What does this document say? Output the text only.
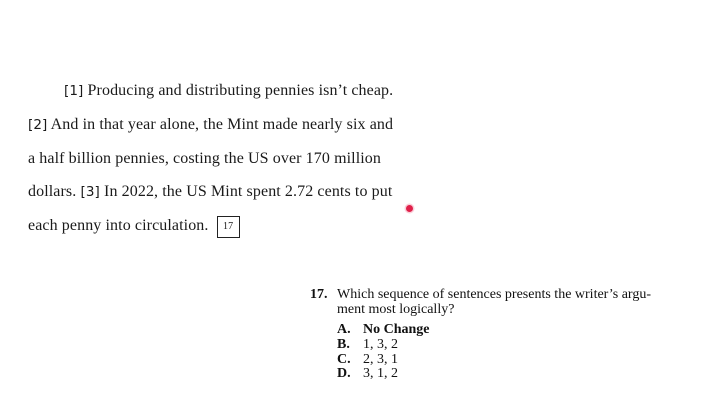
[1] Producing and distributing pennies isn’t cheap.
[2] And in that year alone, the Mint made nearly six and
a half billion pennies, costing the US over 170 million
dollars. [3] In 2022, the US Mint spent 2.72 cents to put
each penny into circulation. 17
17. Which sequence of sentences presents the writer’s argu-
ment most logically?
A. No Change
B. 1, 3, 2
C. 2, 3, 1
D. 3, 1, 2
